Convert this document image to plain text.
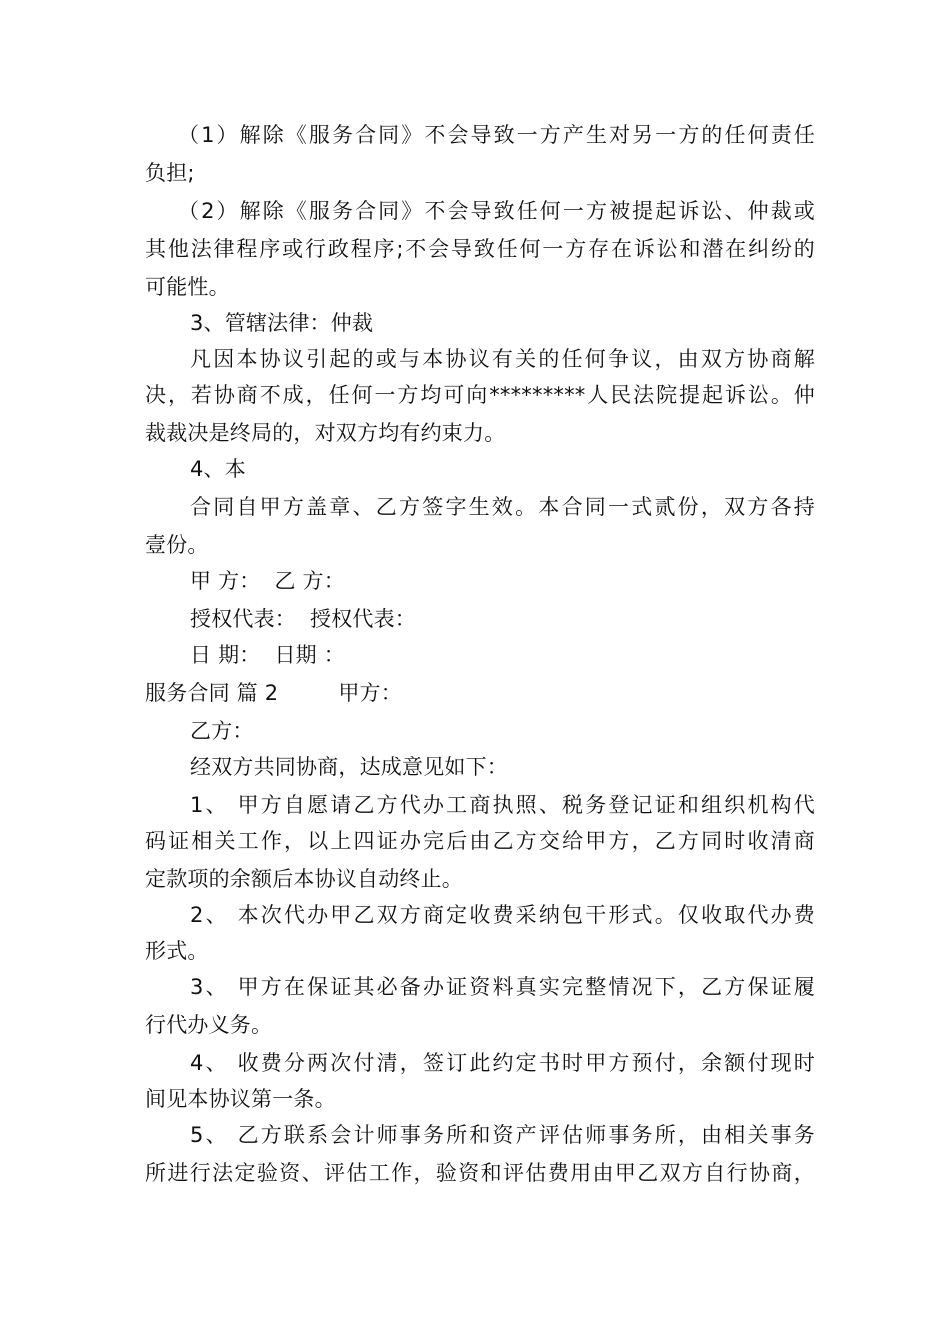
（1）解除《服务合同》不会导致一方产生对另一方的任何责任
负担;
（2）解除《服务合同》不会导致任何一方被提起诉讼、仲裁或
其他法律程序或行政程序;不会导致任何一方存在诉讼和潜在纠纷的
可能性。
3、管辖法律：仲裁
凡因本协议引起的或与本协议有关的任何争议，由双方协商解
决，若协商不成，任何一方均可向*********人民法院提起诉讼。仲
裁裁决是终局的，对双方均有约束力。
4、本
合同自甲方盖章、乙方签字生效。本合同一式贰份，双方各持
壹份。
甲 方： 乙 方：
授权代表： 授权代表：
日 期： 日期 ：
服务合同 篇 2	甲方：
乙方：
经双方共同协商，达成意见如下：
1、 甲方自愿请乙方代办工商执照、税务登记证和组织机构代
码证相关工作，以上四证办完后由乙方交给甲方，乙方同时收清商
定款项的余额后本协议自动终止。
2、 本次代办甲乙双方商定收费采纳包干形式。仅收取代办费
形式。
3、 甲方在保证其必备办证资料真实完整情况下，乙方保证履
行代办义务。
4、 收费分两次付清，签订此约定书时甲方预付，余额付现时
间见本协议第一条。
5、 乙方联系会计师事务所和资产评估师事务所，由相关事务
所进行法定验资、评估工作，验资和评估费用由甲乙双方自行协商，
